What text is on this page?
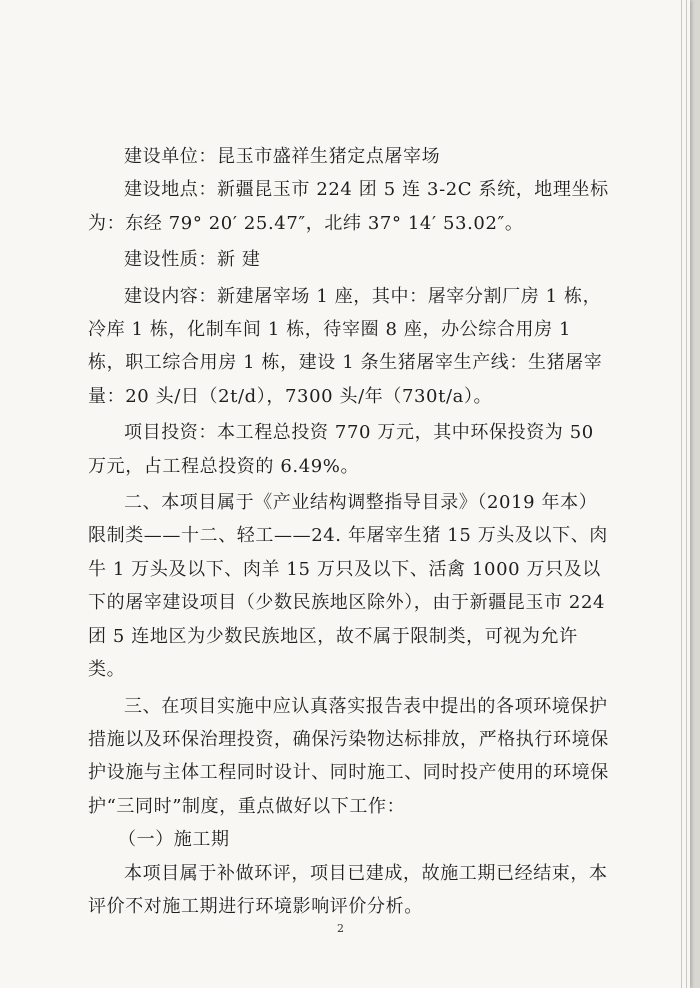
建设单位：昆玉市盛祥生猪定点屠宰场

建设地点：新疆昆玉市 224 团 5 连 3-2C 系统，地理坐标为：东经 79° 20′ 25.47″，北纬 37° 14′ 53.02″。

建设性质：新 建

建设内容：新建屠宰场 1 座，其中：屠宰分割厂房 1 栋，冷库 1 栋，化制车间 1 栋，待宰圈 8 座，办公综合用房 1 栋，职工综合用房 1 栋，建设 1 条生猪屠宰生产线：生猪屠宰量：20 头/日（2t/d），7300 头/年（730t/a）。

项目投资：本工程总投资 770 万元，其中环保投资为 50 万元，占工程总投资的 6.49%。

二、本项目属于《产业结构调整指导目录》（2019 年本）限制类——十二、轻工——24. 年屠宰生猪 15 万头及以下、肉牛 1 万头及以下、肉羊 15 万只及以下、活禽 1000 万只及以下的屠宰建设项目（少数民族地区除外），由于新疆昆玉市 224 团 5 连地区为少数民族地区，故不属于限制类，可视为允许类。

三、在项目实施中应认真落实报告表中提出的各项环境保护措施以及环保治理投资，确保污染物达标排放，严格执行环境保护设施与主体工程同时设计、同时施工、同时投产使用的环境保护“三同时”制度，重点做好以下工作：

（一）施工期

本项目属于补做环评，项目已建成，故施工期已经结束，本评价不对施工期进行环境影响评价分析。

2
